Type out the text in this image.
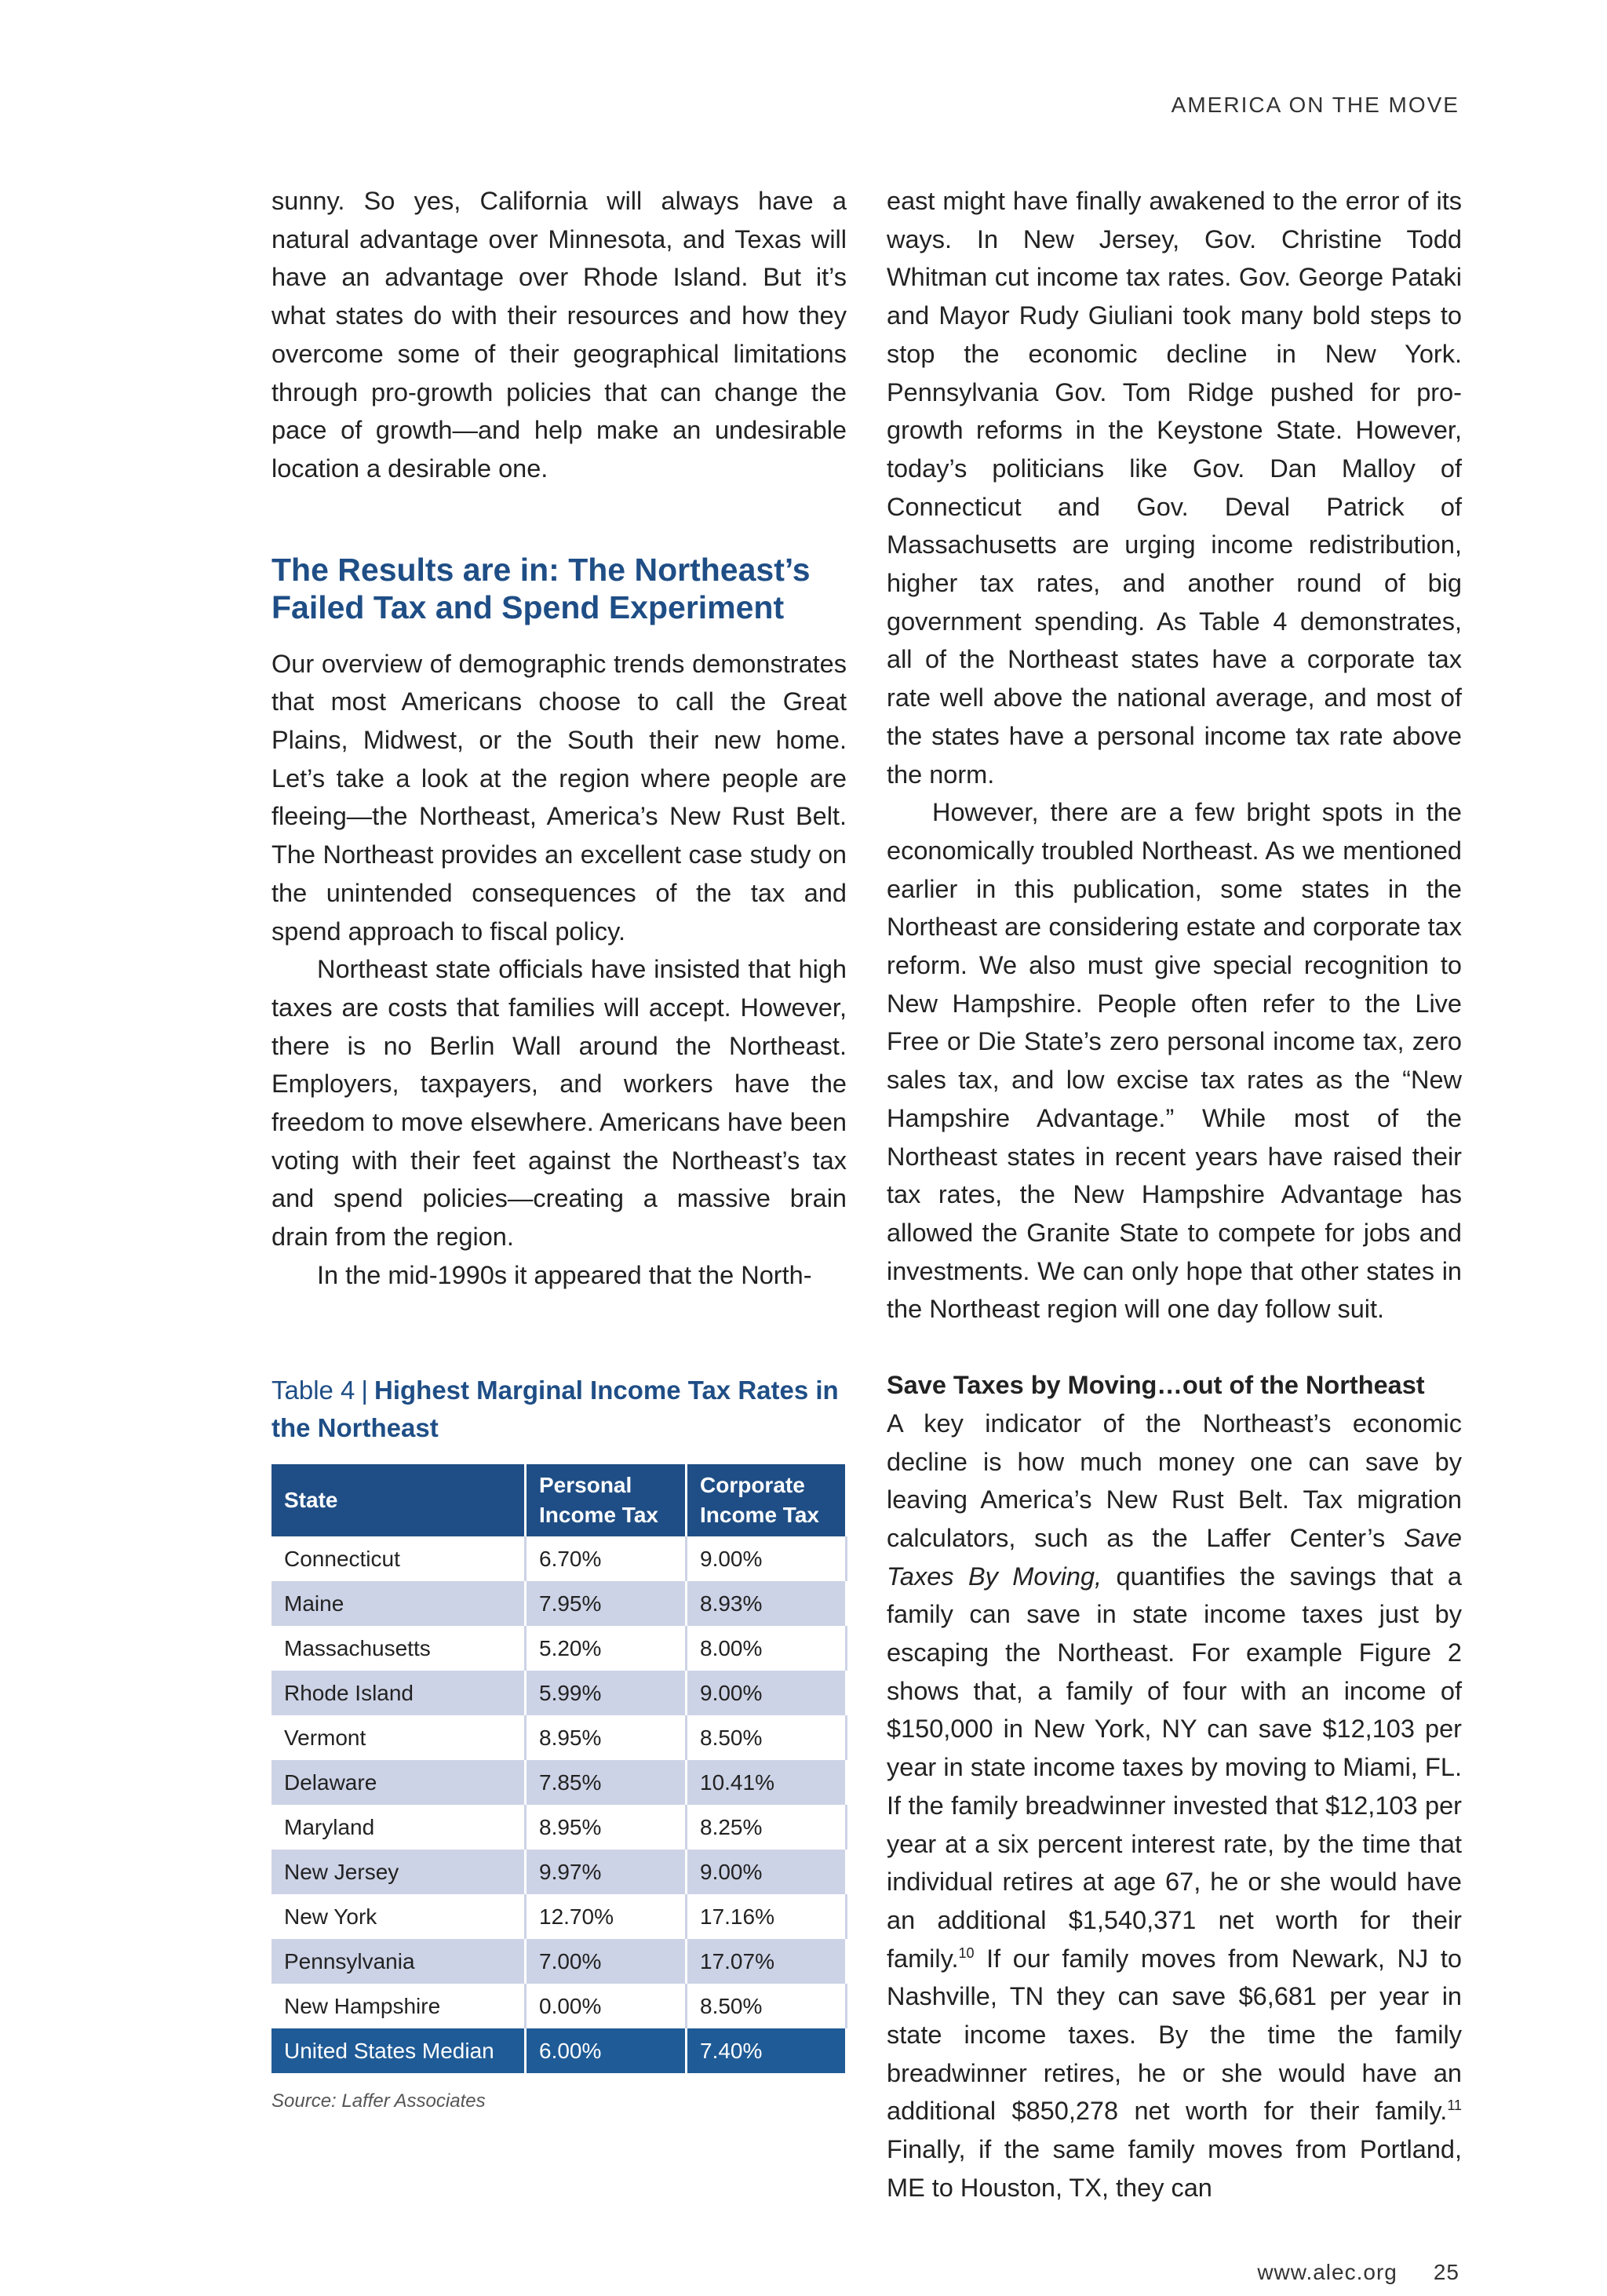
AMERICA ON THE MOVE

sunny. So yes, California will always have a natural advantage over Minnesota, and Texas will have an advantage over Rhode Island. But it’s what states do with their resources and how they overcome some of their geographical limitations through pro-growth policies that can change the pace of growth—and help make an undesirable location a desirable one.

The Results are in: The Northeast’s Failed Tax and Spend Experiment

Our overview of demographic trends demonstrates that most Americans choose to call the Great Plains, Midwest, or the South their new home. Let’s take a look at the region where people are fleeing—the Northeast, America’s New Rust Belt. The Northeast provides an excellent case study on the unintended consequences of the tax and spend approach to fiscal policy.

Northeast state officials have insisted that high taxes are costs that families will accept. However, there is no Berlin Wall around the Northeast. Employers, taxpayers, and workers have the freedom to move elsewhere. Americans have been voting with their feet against the Northeast’s tax and spend policies—creating a massive brain drain from the region.

In the mid-1990s it appeared that the North-

east might have finally awakened to the error of its ways. In New Jersey, Gov. Christine Todd Whitman cut income tax rates. Gov. George Pataki and Mayor Rudy Giuliani took many bold steps to stop the economic decline in New York. Pennsylvania Gov. Tom Ridge pushed for pro-growth reforms in the Keystone State. However, today’s politicians like Gov. Dan Malloy of Connecticut and Gov. Deval Patrick of Massachusetts are urging income redistribution, higher tax rates, and another round of big government spending. As Table 4 demonstrates, all of the Northeast states have a corporate tax rate well above the national average, and most of the states have a personal income tax rate above the norm.

However, there are a few bright spots in the economically troubled Northeast. As we mentioned earlier in this publication, some states in the Northeast are considering estate and corporate tax reform. We also must give special recognition to New Hampshire. People often refer to the Live Free or Die State’s zero personal income tax, zero sales tax, and low excise tax rates as the “New Hampshire Advantage.” While most of the Northeast states in recent years have raised their tax rates, the New Hampshire Advantage has allowed the Granite State to compete for jobs and investments. We can only hope that other states in the Northeast region will one day follow suit.

Save Taxes by Moving…out of the Northeast

A key indicator of the Northeast’s economic decline is how much money one can save by leaving America’s New Rust Belt. Tax migration calculators, such as the Laffer Center’s Save Taxes By Moving, quantifies the savings that a family can save in state income taxes just by escaping the Northeast. For example Figure 2 shows that, a family of four with an income of $150,000 in New York, NY can save $12,103 per year in state income taxes by moving to Miami, FL. If the family breadwinner invested that $12,103 per year at a six percent interest rate, by the time that individual retires at age 67, he or she would have an additional $1,540,371 net worth for their family.$^{10}$ If our family moves from Newark, NJ to Nashville, TN they can save $6,681 per year in state income taxes. By the time the family breadwinner retires, he or she would have an additional $850,278 net worth for their family.$^{11}$ Finally, if the same family moves from Portland, ME to Houston, TX, they can

Table 4 | Highest Marginal Income Tax Rates in the Northeast
State	Personal Income Tax	Corporate Income Tax
Connecticut	6.70%	9.00%
Maine	7.95%	8.93%
Massachusetts	5.20%	8.00%
Rhode Island	5.99%	9.00%
Vermont	8.95%	8.50%
Delaware	7.85%	10.41%
Maryland	8.95%	8.25%
New Jersey	9.97%	9.00%
New York	12.70%	17.16%
Pennsylvania	7.00%	17.07%
New Hampshire	0.00%	8.50%
United States Median	6.00%	7.40%
Source: Laffer Associates
www.alec.org 25
